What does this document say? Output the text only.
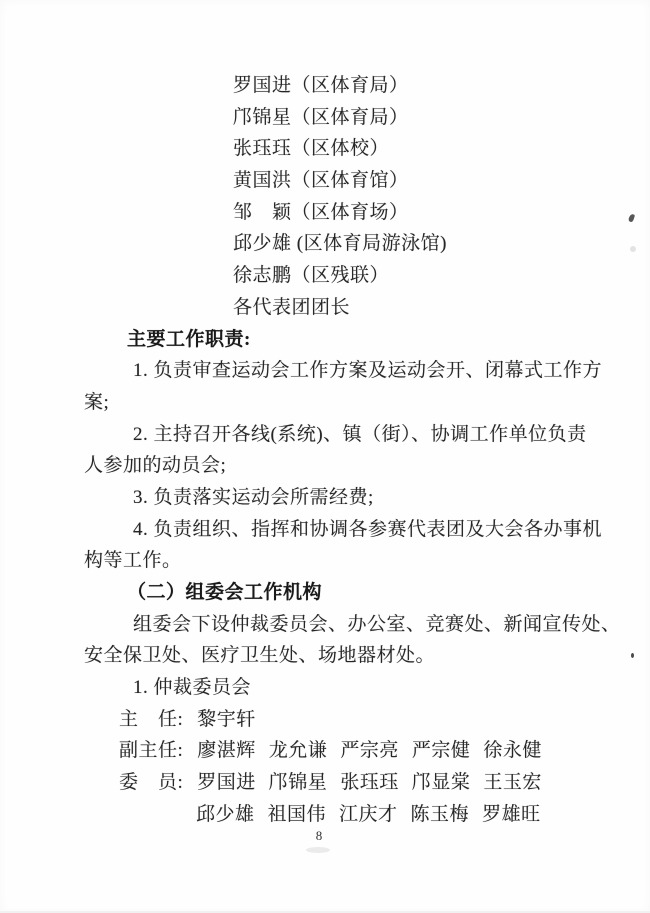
罗国进（区体育局）
邝锦星（区体育局）
张珏珏（区体校）
黄国洪（区体育馆）
邹　颖（区体育场）
邱少雄 (区体育局游泳馆)
徐志鹏（区残联）
各代表团团长
主要工作职责:
1. 负责审查运动会工作方案及运动会开、闭幕式工作方
案;
2. 主持召开各线(系统)、镇（街）、协调工作单位负责
人参加的动员会;
3. 负责落实运动会所需经费;
4. 负责组织、指挥和协调各参赛代表团及大会各办事机
构等工作。
（二）组委会工作机构
组委会下设仲裁委员会、办公室、竞赛处、新闻宣传处、
安全保卫处、医疗卫生处、场地器材处。
1. 仲裁委员会
主　任: 黎宇轩
副主任: 廖湛辉 龙允谦 严宗亮 严宗健 徐永健
委　员: 罗国进 邝锦星 张珏珏 邝显棠 王玉宏
邱少雄 祖国伟 江庆才 陈玉梅 罗雄旺
8
